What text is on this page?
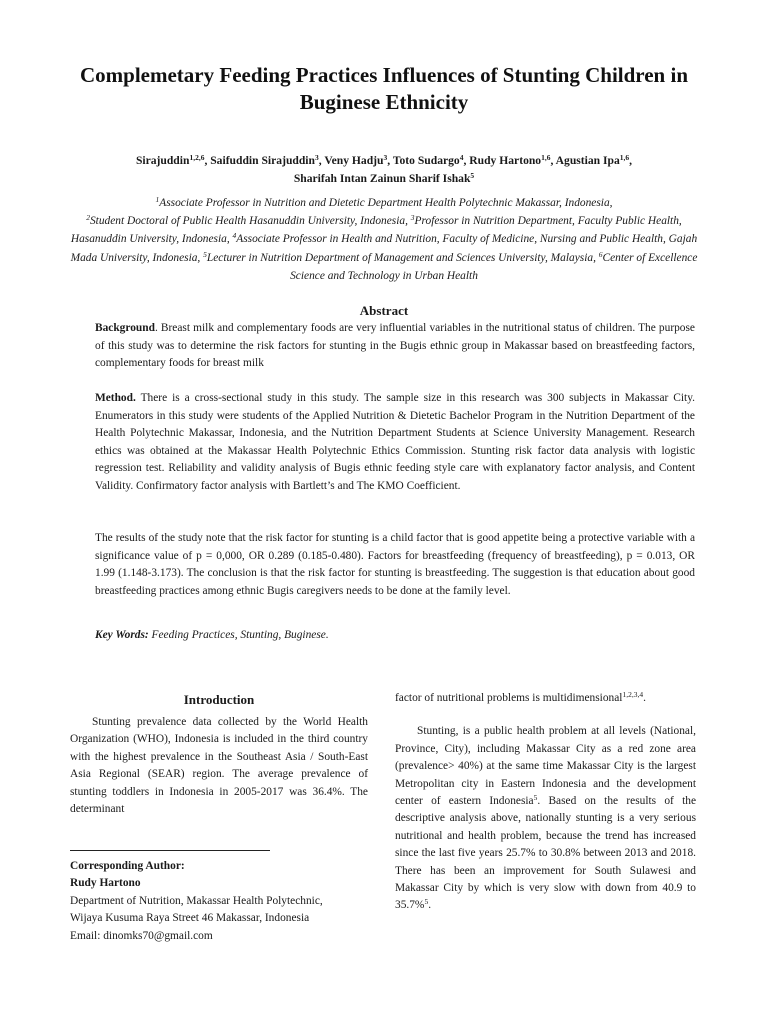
Complemetary Feeding Practices Influences of Stunting Children in Buginese Ethnicity
Sirajuddin$^{1,2,6}$, Saifuddin Sirajuddin$^3$, Veny Hadju$^3$, Toto Sudargo$^4$, Rudy Hartono$^{1,6}$, Agustian Ipa$^{1,6}$,
Sharifah Intan Zainun Sharif Ishak$^5$
$^1$Associate Professor in Nutrition and Dietetic Department Health Polytechnic Makassar, Indonesia,
$^2$Student Doctoral of Public Health Hasanuddin University, Indonesia, $^3$Professor in Nutrition Department, Faculty Public Health, Hasanuddin University, Indonesia, $^4$Associate Professor in Health and Nutrition, Faculty of Medicine, Nursing and Public Health, Gajah Mada University, Indonesia, $^5$Lecturer in Nutrition Department of Management and Sciences University, Malaysia, $^6$Center of Excellence Science and Technology in Urban Health
Abstract

Background. Breast milk and complementary foods are very influential variables in the nutritional status of children. The purpose of this study was to determine the risk factors for stunting in the Bugis ethnic group in Makassar based on breastfeeding factors, complementary foods for breast milk

Method. There is a cross-sectional study in this study. The sample size in this research was 300 subjects in Makassar City. Enumerators in this study were students of the Applied Nutrition & Dietetic Bachelor Program in the Nutrition Department of the Health Polytechnic Makassar, Indonesia, and the Nutrition Department Students at Science University Management. Research ethics was obtained at the Makassar Health Polytechnic Ethics Commission. Stunting risk factor data analysis with logistic regression test. Reliability and validity analysis of Bugis ethnic feeding style care with explanatory factor analysis, and Content Validity. Confirmatory factor analysis with Bartlett’s and The KMO Coefficient.

The results of the study note that the risk factor for stunting is a child factor that is good appetite being a protective variable with a significance value of p = 0,000, OR 0.289 (0.185-0.480). Factors for breastfeeding (frequency of breastfeeding), p = 0.013, OR 1.99 (1.148-3.173). The conclusion is that the risk factor for stunting is breastfeeding. The suggestion is that education about good breastfeeding practices among ethnic Bugis caregivers needs to be done at the family level.

Key Words: Feeding Practices, Stunting, Buginese.
Introduction

Stunting prevalence data collected by the World Health Organization (WHO), Indonesia is included in the third country with the highest prevalence in the Southeast Asia / South-East Asia Regional (SEAR) region. The average prevalence of stunting toddlers in Indonesia in 2005-2017 was 36.4%. The determinant

factor of nutritional problems is multidimensional$^{1,2,3,4}$.

Stunting, is a public health problem at all levels (National, Province, City), including Makassar City as a red zone area (prevalence> 40%) at the same time Makassar City is the largest Metropolitan city in Eastern Indonesia and the development center of eastern Indonesia$^5$. Based on the results of the descriptive analysis above, nationally stunting is a very serious nutritional and health problem, because the trend has increased since the last five years 25.7% to 30.8% between 2013 and 2018. There has been an improvement for South Sulawesi and Makassar City by which is very slow with down from 40.9 to 35.7%$^5$.

Corresponding Author:
Rudy Hartono
Department of Nutrition, Makassar Health Polytechnic,
Wijaya Kusuma Raya Street 46 Makassar, Indonesia
Email: dinomks70@gmail.com
